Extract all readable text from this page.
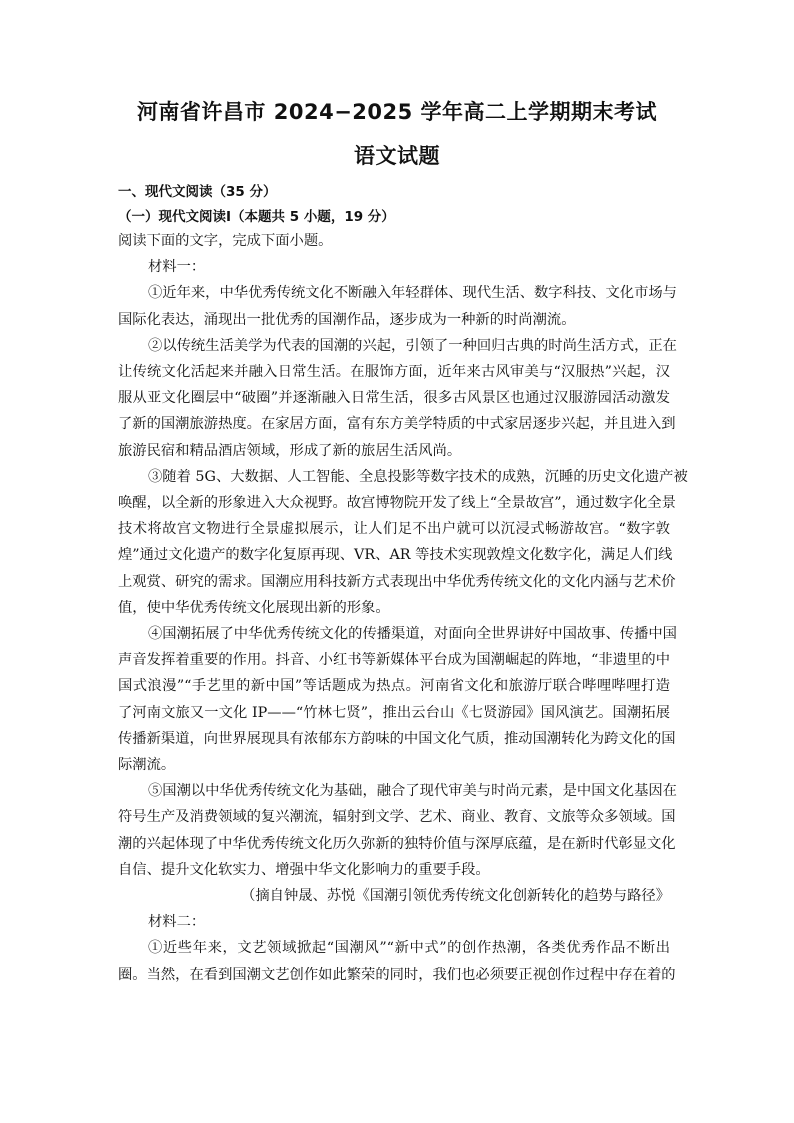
河南省许昌市 2024−2025 学年高二上学期期末考试
语文试题
一、现代文阅读（35 分）
（一）现代文阅读Ⅰ（本题共 5 小题，19 分）
阅读下面的文字，完成下面小题。
材料一：
①近年来，中华优秀传统文化不断融入年轻群体、现代生活、数字科技、文化市场与
国际化表达，涌现出一批优秀的国潮作品，逐步成为一种新的时尚潮流。
②以传统生活美学为代表的国潮的兴起，引领了一种回归古典的时尚生活方式，正在
让传统文化活起来并融入日常生活。在服饰方面，近年来古风审美与“汉服热”兴起，汉
服从亚文化圈层中“破圈”并逐渐融入日常生活，很多古风景区也通过汉服游园活动激发
了新的国潮旅游热度。在家居方面，富有东方美学特质的中式家居逐步兴起，并且进入到
旅游民宿和精品酒店领域，形成了新的旅居生活风尚。
③随着 5G、大数据、人工智能、全息投影等数字技术的成熟，沉睡的历史文化遗产被
唤醒，以全新的形象进入大众视野。故宫博物院开发了线上“全景故宫”，通过数字化全景
技术将故宫文物进行全景虚拟展示，让人们足不出户就可以沉浸式畅游故宫。“数字敦
煌”通过文化遗产的数字化复原再现、VR、AR 等技术实现敦煌文化数字化，满足人们线
上观赏、研究的需求。国潮应用科技新方式表现出中华优秀传统文化的文化内涵与艺术价
值，使中华优秀传统文化展现出新的形象。
④国潮拓展了中华优秀传统文化的传播渠道，对面向全世界讲好中国故事、传播中国
声音发挥着重要的作用。抖音、小红书等新媒体平台成为国潮崛起的阵地，“非遗里的中
国式浪漫”“手艺里的新中国”等话题成为热点。河南省文化和旅游厅联合哔哩哔哩打造
了河南文旅又一文化 IP——“竹林七贤”，推出云台山《七贤游园》国风演艺。国潮拓展
传播新渠道，向世界展现具有浓郁东方韵味的中国文化气质，推动国潮转化为跨文化的国
际潮流。
⑤国潮以中华优秀传统文化为基础，融合了现代审美与时尚元素，是中国文化基因在
符号生产及消费领域的复兴潮流，辐射到文学、艺术、商业、教育、文旅等众多领域。国
潮的兴起体现了中华优秀传统文化历久弥新的独特价值与深厚底蕴，是在新时代彰显文化
自信、提升文化软实力、增强中华文化影响力的重要手段。
（摘自钟晟、苏悦《国潮引领优秀传统文化创新转化的趋势与路径》
材料二：
①近些年来，文艺领域掀起“国潮风”“新中式”的创作热潮，各类优秀作品不断出
圈。当然，在看到国潮文艺创作如此繁荣的同时，我们也必须要正视创作过程中存在着的
